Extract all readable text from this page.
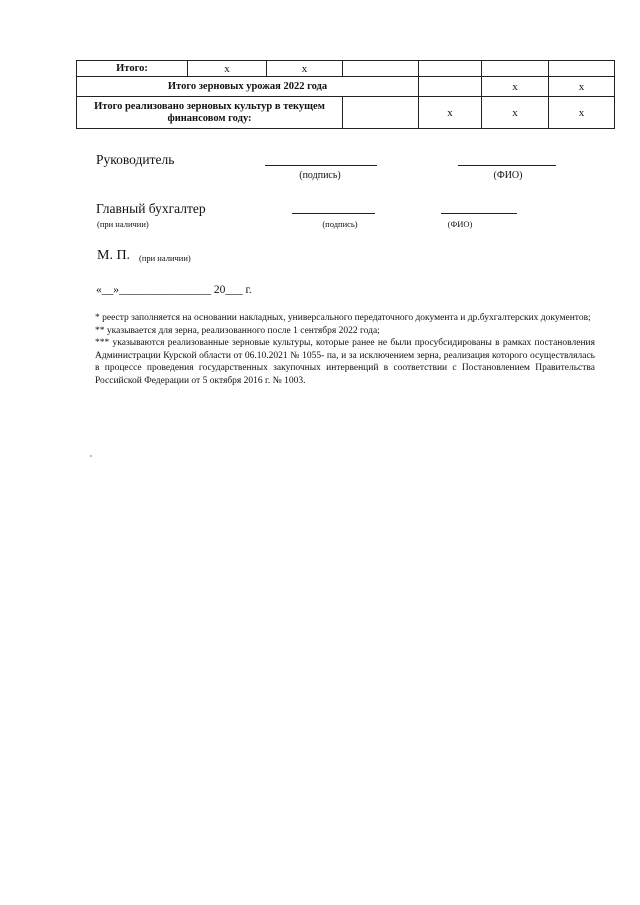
Итого:	х	х				
Итого зерновых урожая 2022 года					х	х
Итого реализовано зерновых культур в текущем финансовом году:				х	х	х
Руководитель
(подпись)	(ФИО)
Главный бухгалтер
(при наличии)	(подпись)	(ФИО)
М. П. (при наличии)
«__»________________ 20___ г.

* реестр заполняется на основании накладных, универсального передаточного документа и др.бухгалтерских документов;

** указывается для зерна, реализованного после 1 сентября 2022 года;

*** указываются реализованные зерновые культуры, которые ранее не были просубсидированы в рамках постановления Администрации Курской области от 06.10.2021 № 1055- па, и за исключением зерна, реализация которого осуществлялась в процессе проведения государственных закупочных интервенций в соответствии с Постановлением Правительства Российской Федерации от 5 октября 2016 г. № 1003.
